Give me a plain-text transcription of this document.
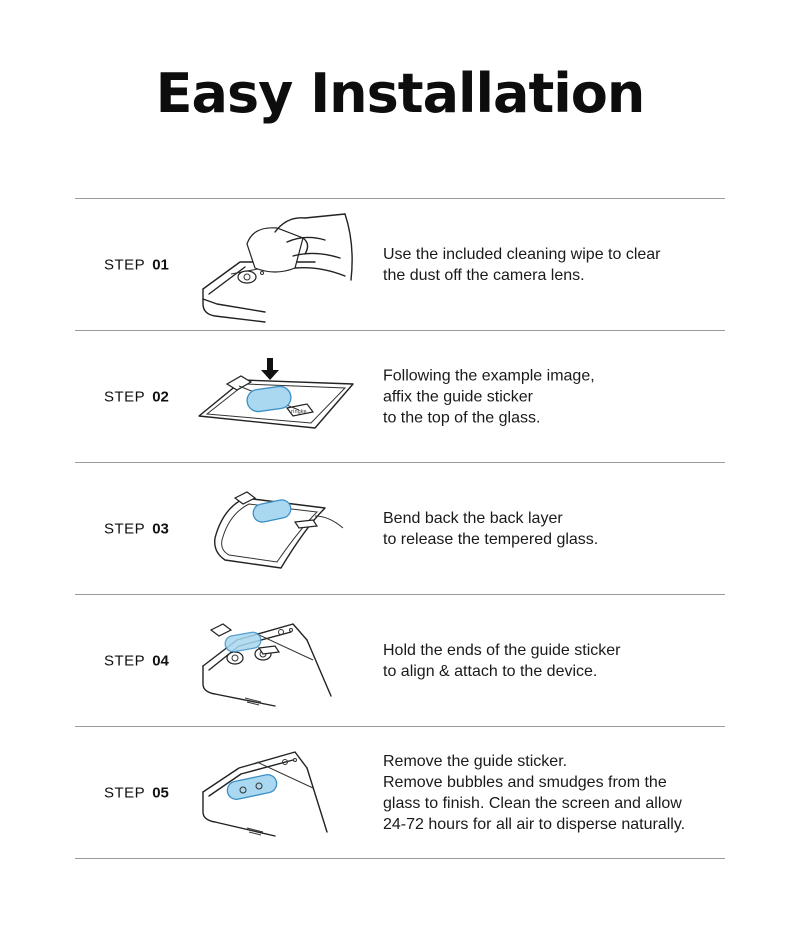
Easy Installation
STEP 01
Use the included cleaning wipe to clear
the dust off the camera lens.
STEP 02
ringke
Following the example image,
affix the guide sticker
to the top of the glass.
STEP 03
Bend back the back layer
to release the tempered glass.
STEP 04
Hold the ends of the guide sticker
to align & attach to the device.
STEP 05
Remove the guide sticker.
Remove bubbles and smudges from the
glass to finish. Clean the screen and allow
24-72 hours for all air to disperse naturally.
